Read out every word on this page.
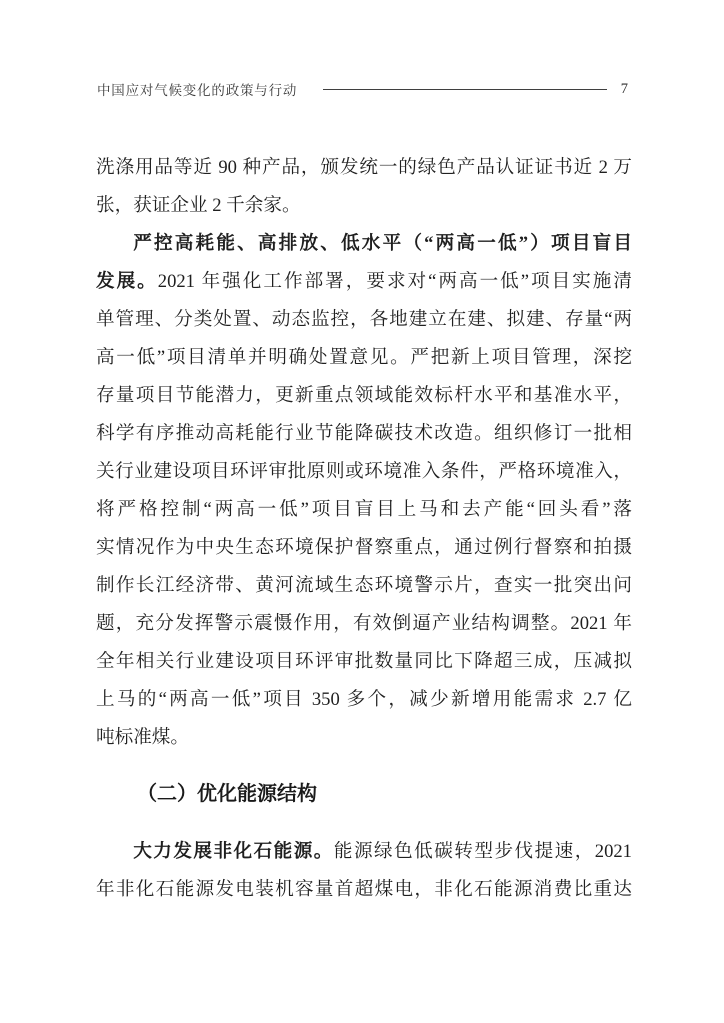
中国应对气候变化的政策与行动	7
洗涤用品等近 90 种产品，颁发统一的绿色产品认证证书近 2 万
张，获证企业 2 千余家。
严控高耗能、高排放、低水平（“两高一低”）项目盲目
发展。2021 年强化工作部署，要求对“两高一低”项目实施清
单管理、分类处置、动态监控，各地建立在建、拟建、存量“两
高一低”项目清单并明确处置意见。严把新上项目管理，深挖
存量项目节能潜力，更新重点领域能效标杆水平和基准水平，
科学有序推动高耗能行业节能降碳技术改造。组织修订一批相
关行业建设项目环评审批原则或环境准入条件，严格环境准入，
将严格控制“两高一低”项目盲目上马和去产能“回头看”落
实情况作为中央生态环境保护督察重点，通过例行督察和拍摄
制作长江经济带、黄河流域生态环境警示片，查实一批突出问
题，充分发挥警示震慑作用，有效倒逼产业结构调整。2021 年
全年相关行业建设项目环评审批数量同比下降超三成，压减拟
上马的“两高一低”项目 350 多个，减少新增用能需求 2.7 亿
吨标准煤。
（二）优化能源结构
大力发展非化石能源。能源绿色低碳转型步伐提速，2021
年非化石能源发电装机容量首超煤电，非化石能源消费比重达
